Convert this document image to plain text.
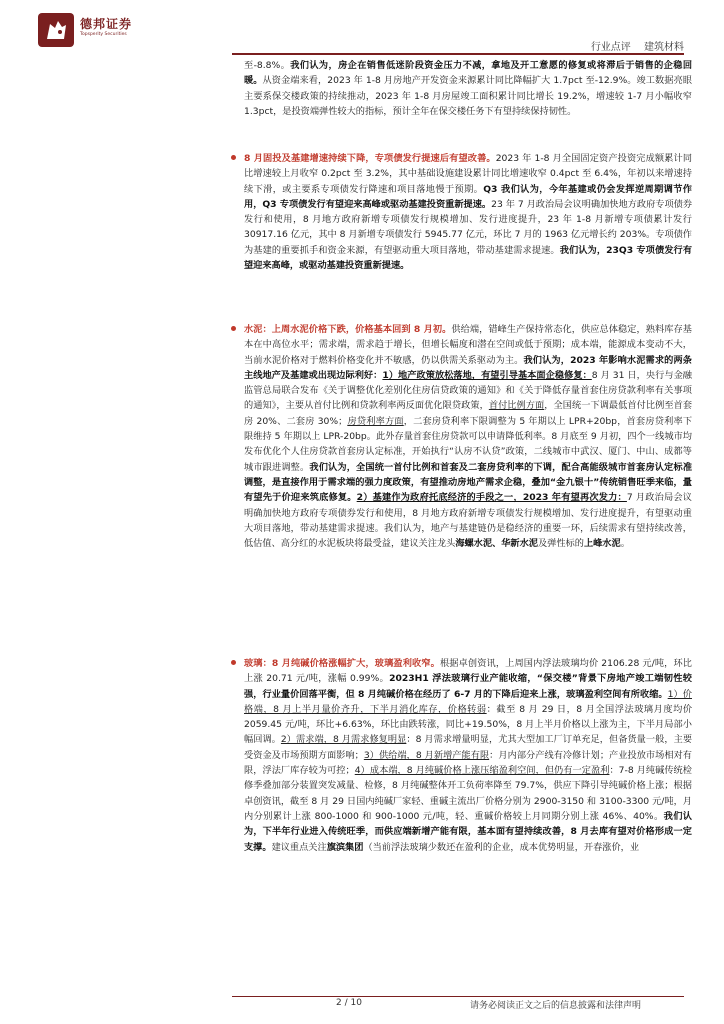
德邦证券
Topsperity Securities
行业点评 建筑材料

至-8.8%。我们认为，房企在销售低迷阶段资金压力不减，拿地及开工意愿的修复或将滞后于销售的企稳回暖。从资金端来看，2023 年 1-8 月房地产开发资金来源累计同比降幅扩大 1.7pct 至-12.9%。竣工数据亮眼主要系保交楼政策的持续推动，2023 年 1-8 月房屋竣工面积累计同比增长 19.2%，增速较 1-7 月小幅收窄 1.3pct，是投资端弹性较大的指标，预计全年在保交楼任务下有望持续保持韧性。

8 月固投及基建增速持续下降，专项债发行提速后有望改善。2023 年 1-8 月全国固定资产投资完成额累计同比增速较上月收窄 0.2pct 至 3.2%，其中基础设施建设累计同比增速收窄 0.4pct 至 6.4%，年初以来增速持续下滑，或主要系专项债发行降速和项目落地慢于预期。Q3 我们认为，今年基建或仍会发挥逆周期调节作用，Q3 专项债发行有望迎来高峰或驱动基建投资重新提速。23 年 7 月政治局会议明确加快地方政府专项债券发行和使用，8 月地方政府新增专项债发行规模增加、发行进度提升，23 年 1-8 月新增专项债累计发行 30917.16 亿元，其中 8 月新增专项债发行 5945.77 亿元，环比 7 月的 1963 亿元增长约 203%。专项债作为基建的重要抓手和资金来源，有望驱动重大项目落地，带动基建需求提速。我们认为，23Q3 专项债发行有望迎来高峰，或驱动基建投资重新提速。
水泥：上周水泥价格下跌，价格基本回到 8 月初。供给端，错峰生产保持常态化，供应总体稳定，熟料库存基本在中高位水平；需求端，需求趋于增长，但增长幅度和潜在空间或低于预期；成本端，能源成本变动不大，当前水泥价格对于燃料价格变化并不敏感，仍以供需关系驱动为主。我们认为，2023 年影响水泥需求的两条主线地产及基建或出现边际利好：1）地产政策放松落地，有望引导基本面企稳修复：8 月 31 日，央行与金融监管总局联合发布《关于调整优化差别化住房信贷政策的通知》和《关于降低存量首套住房贷款利率有关事项的通知》，主要从首付比例和贷款利率两反面优化限贷政策，首付比例方面，全国统一下调最低首付比例至首套房 20%、二套房 30%；房贷利率方面，二套房贷利率下限调整为 5 年期以上 LPR+20bp，首套房贷利率下限维持 5 年期以上 LPR-20bp。此外存量首套住房贷款可以申请降低利率。8 月底至 9 月初，四个一线城市均发布优化个人住房贷款首套房认定标准，开始执行“认房不认贷”政策，二线城市中武汉、厦门、中山、成都等城市跟进调整。我们认为，全国统一首付比例和首套及二套房贷利率的下调，配合高能级城市首套房认定标准调整，是直接作用于需求端的强力度政策，有望推动房地产需求企稳，叠加“金九银十”传统销售旺季来临，量有望先于价迎来筑底修复。2）基建作为政府托底经济的手段之一，2023 年有望再次发力：7 月政治局会议明确加快地方政府专项债券发行和使用，8 月地方政府新增专项债发行规模增加、发行进度提升，有望驱动重大项目落地，带动基建需求提速。我们认为，地产与基建链仍是稳经济的重要一环，后续需求有望持续改善，低估值、高分红的水泥板块将最受益，建议关注龙头海螺水泥、华新水泥及弹性标的上峰水泥。
玻璃：8 月纯碱价格涨幅扩大，玻璃盈利收窄。根据卓创资讯，上周国内浮法玻璃均价 2106.28 元/吨，环比上涨 20.71 元/吨，涨幅 0.99%。2023H1 浮法玻璃行业产能收缩，“保交楼”背景下房地产竣工端韧性较强，行业量价回落平衡，但 8 月纯碱价格在经历了 6-7 月的下降后迎来上涨，玻璃盈利空间有所收缩。1）价格端，8 月上半月量价齐升，下半月消化库存，价格转弱：截至 8 月 29 日，8 月全国浮法玻璃月度均价 2059.45 元/吨，环比+6.63%，环比由跌转涨，同比+19.50%，8 月上半月价格以上涨为主，下半月局部小幅回调。2）需求端，8 月需求修复明显：8 月需求增量明显，尤其大型加工厂订单充足，但备货量一般，主要受资金及市场预期方面影响；3）供给端，8 月新增产能有限：月内部分产线有冷修计划；产业投放市场相对有限，浮法厂库存较为可控；4）成本端，8 月纯碱价格上涨压缩盈利空间，但仍有一定盈利：7-8 月纯碱传统检修季叠加部分装置突发减量、检修，8 月纯碱整体开工负荷率降至 79.7%，供应下降引导纯碱价格上涨；根据卓创资讯，截至 8 月 29 日国内纯碱厂家轻、重碱主流出厂价格分别为 2900-3150 和 3100-3300 元/吨，月内分别累计上涨 800-1000 和 900-1000 元/吨，轻、重碱价格较上月同期分别上涨 46%、40%。我们认为，下半年行业进入传统旺季，而供应端新增产能有限，基本面有望持续改善，8 月去库有望对价格形成一定支撑。建议重点关注旗滨集团（当前浮法玻璃少数还在盈利的企业，成本优势明显，开春涨价，业
2 / 10	请务必阅读正文之后的信息披露和法律声明
